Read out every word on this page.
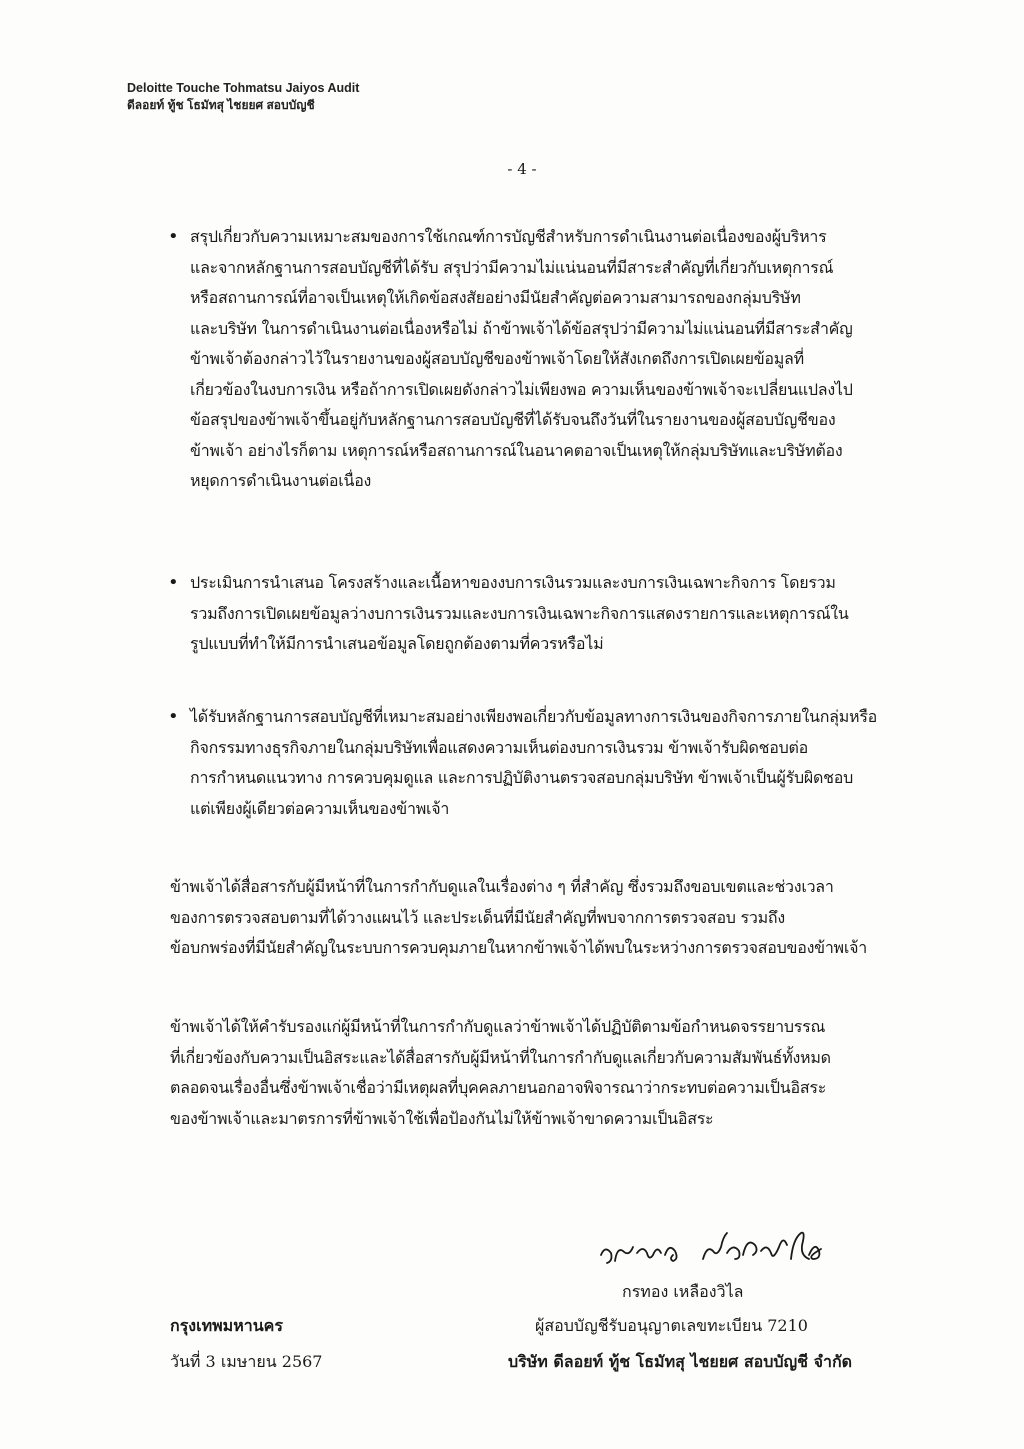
Deloitte Touche Tohmatsu Jaiyos Audit
ดีลอยท์ ทู้ช โธมัทสุ ไชยยศ สอบบัญชี
- 4 -
• สรุปเกี่ยวกับความเหมาะสมของการใช้เกณฑ์การบัญชีสำหรับการดำเนินงานต่อเนื่องของผู้บริหาร
และจากหลักฐานการสอบบัญชีที่ได้รับ สรุปว่ามีความไม่แน่นอนที่มีสาระสำคัญที่เกี่ยวกับเหตุการณ์
หรือสถานการณ์ที่อาจเป็นเหตุให้เกิดข้อสงสัยอย่างมีนัยสำคัญต่อความสามารถของกลุ่มบริษัท
และบริษัท ในการดำเนินงานต่อเนื่องหรือไม่ ถ้าข้าพเจ้าได้ข้อสรุปว่ามีความไม่แน่นอนที่มีสาระสำคัญ
ข้าพเจ้าต้องกล่าวไว้ในรายงานของผู้สอบบัญชีของข้าพเจ้าโดยให้สังเกตถึงการเปิดเผยข้อมูลที่
เกี่ยวข้องในงบการเงิน หรือถ้าการเปิดเผยดังกล่าวไม่เพียงพอ ความเห็นของข้าพเจ้าจะเปลี่ยนแปลงไป
ข้อสรุปของข้าพเจ้าขึ้นอยู่กับหลักฐานการสอบบัญชีที่ได้รับจนถึงวันที่ในรายงานของผู้สอบบัญชีของ
ข้าพเจ้า อย่างไรก็ตาม เหตุการณ์หรือสถานการณ์ในอนาคตอาจเป็นเหตุให้กลุ่มบริษัทและบริษัทต้อง
หยุดการดำเนินงานต่อเนื่อง
• ประเมินการนำเสนอ โครงสร้างและเนื้อหาของงบการเงินรวมและงบการเงินเฉพาะกิจการ โดยรวม
รวมถึงการเปิดเผยข้อมูลว่างบการเงินรวมและงบการเงินเฉพาะกิจการแสดงรายการและเหตุการณ์ใน
รูปแบบที่ทำให้มีการนำเสนอข้อมูลโดยถูกต้องตามที่ควรหรือไม่
• ได้รับหลักฐานการสอบบัญชีที่เหมาะสมอย่างเพียงพอเกี่ยวกับข้อมูลทางการเงินของกิจการภายในกลุ่มหรือ
กิจกรรมทางธุรกิจภายในกลุ่มบริษัทเพื่อแสดงความเห็นต่องบการเงินรวม ข้าพเจ้ารับผิดชอบต่อ
การกำหนดแนวทาง การควบคุมดูแล และการปฏิบัติงานตรวจสอบกลุ่มบริษัท ข้าพเจ้าเป็นผู้รับผิดชอบ
แต่เพียงผู้เดียวต่อความเห็นของข้าพเจ้า
ข้าพเจ้าได้สื่อสารกับผู้มีหน้าที่ในการกำกับดูแลในเรื่องต่าง ๆ ที่สำคัญ ซึ่งรวมถึงขอบเขตและช่วงเวลา
ของการตรวจสอบตามที่ได้วางแผนไว้ และประเด็นที่มีนัยสำคัญที่พบจากการตรวจสอบ รวมถึง
ข้อบกพร่องที่มีนัยสำคัญในระบบการควบคุมภายในหากข้าพเจ้าได้พบในระหว่างการตรวจสอบของข้าพเจ้า
ข้าพเจ้าได้ให้คำรับรองแก่ผู้มีหน้าที่ในการกำกับดูแลว่าข้าพเจ้าได้ปฏิบัติตามข้อกำหนดจรรยาบรรณ
ที่เกี่ยวข้องกับความเป็นอิสระและได้สื่อสารกับผู้มีหน้าที่ในการกำกับดูแลเกี่ยวกับความสัมพันธ์ทั้งหมด
ตลอดจนเรื่องอื่นซึ่งข้าพเจ้าเชื่อว่ามีเหตุผลที่บุคคลภายนอกอาจพิจารณาว่ากระทบต่อความเป็นอิสระ
ของข้าพเจ้าและมาตรการที่ข้าพเจ้าใช้เพื่อป้องกันไม่ให้ข้าพเจ้าขาดความเป็นอิสระ
กรทอง เหลืองวิไล
ผู้สอบบัญชีรับอนุญาตเลขทะเบียน 7210
บริษัท ดีลอยท์ ทู้ช โธมัทสุ ไชยยศ สอบบัญชี จำกัด
กรุงเทพมหานคร
วันที่ 3 เมษายน 2567
